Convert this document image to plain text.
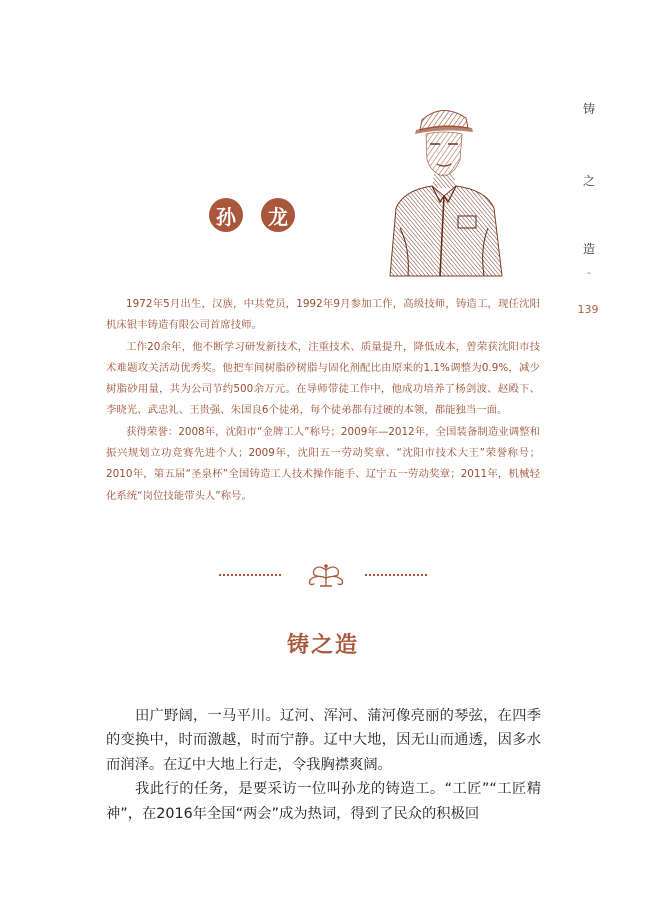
铸
之
造
-
139
孙	龙

1972年5月出生，汉族，中共党员，1992年9月参加工作，高级技师，铸造工，现任沈阳机床银丰铸造有限公司首席技师。

工作20余年，他不断学习研发新技术，注重技术、质量提升，降低成本，曾荣获沈阳市技术难题攻关活动优秀奖。他把车间树脂砂树脂与固化剂配比由原来的1.1%调整为0.9%，减少树脂砂用量，共为公司节约500余万元。在导师带徒工作中，他成功培养了杨剑波、赵殿下、李晓光、武忠礼、王贵强、朱国良6个徒弟，每个徒弟都有过硬的本领，都能独当一面。

获得荣誉：2008年，沈阳市“金牌工人”称号；2009年—2012年，全国装备制造业调整和振兴规划立功竞赛先进个人；2009年，沈阳五一劳动奖章、“沈阳市技术大王”荣誉称号；2010年，第五届“圣泉杯”全国铸造工人技术操作能手、辽宁五一劳动奖章；2011年，机械轻化系统“岗位技能带头人”称号。

铸之造

田广野阔，一马平川。辽河、浑河、蒲河像亮丽的琴弦，在四季的变换中，时而激越，时而宁静。辽中大地，因无山而通透，因多水而润泽。在辽中大地上行走，令我胸襟爽阔。

我此行的任务，是要采访一位叫孙龙的铸造工。“工匠”“工匠精神”，在2016年全国“两会”成为热词，得到了民众的积极回
